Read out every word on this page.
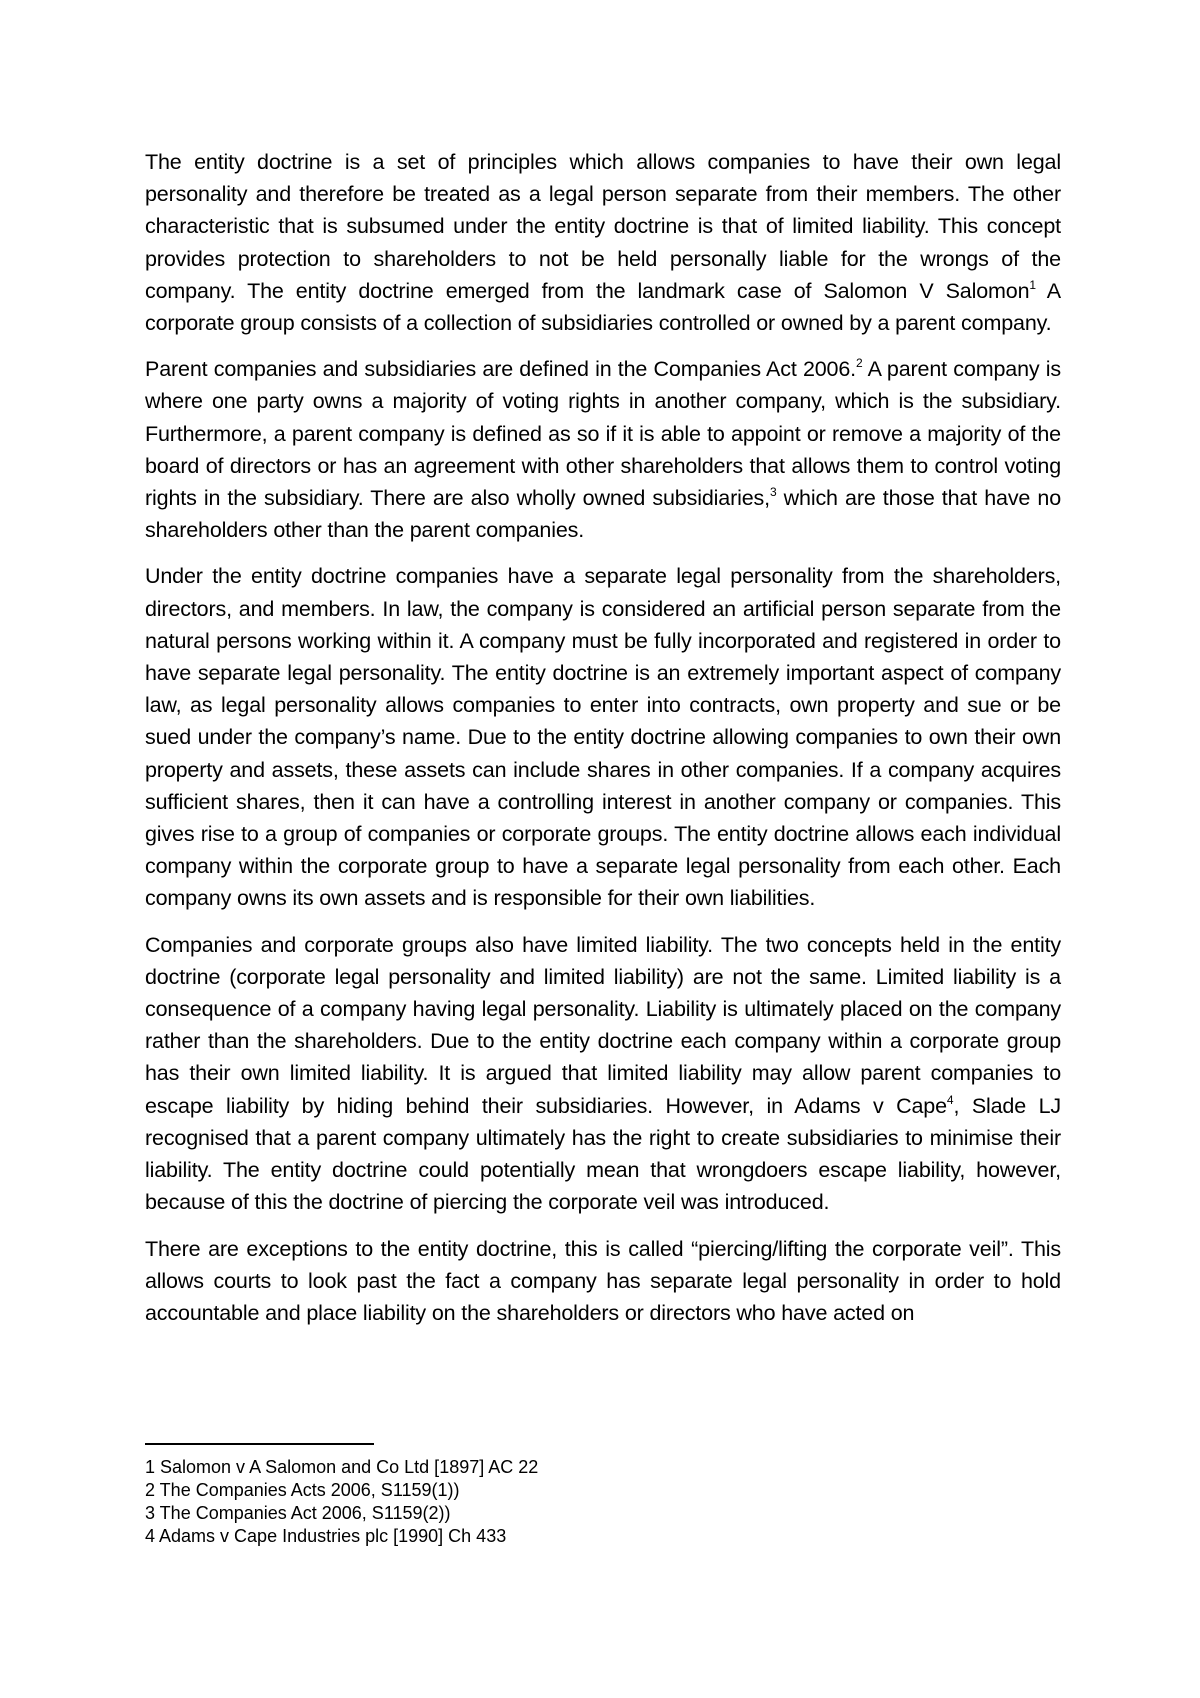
The entity doctrine is a set of principles which allows companies to have their own legal personality and therefore be treated as a legal person separate from their members. The other characteristic that is subsumed under the entity doctrine is that of limited liability. This concept provides protection to shareholders to not be held personally liable for the wrongs of the company. The entity doctrine emerged from the landmark case of Salomon V Salomon$^1$ A corporate group consists of a collection of subsidiaries controlled or owned by a parent company.

Parent companies and subsidiaries are defined in the Companies Act 2006.$^2$ A parent company is where one party owns a majority of voting rights in another company, which is the subsidiary. Furthermore, a parent company is defined as so if it is able to appoint or remove a majority of the board of directors or has an agreement with other shareholders that allows them to control voting rights in the subsidiary. There are also wholly owned subsidiaries,$^3$ which are those that have no shareholders other than the parent companies.

Under the entity doctrine companies have a separate legal personality from the shareholders, directors, and members. In law, the company is considered an artificial person separate from the natural persons working within it. A company must be fully incorporated and registered in order to have separate legal personality. The entity doctrine is an extremely important aspect of company law, as legal personality allows companies to enter into contracts, own property and sue or be sued under the company’s name. Due to the entity doctrine allowing companies to own their own property and assets, these assets can include shares in other companies. If a company acquires sufficient shares, then it can have a controlling interest in another company or companies. This gives rise to a group of companies or corporate groups. The entity doctrine allows each individual company within the corporate group to have a separate legal personality from each other. Each company owns its own assets and is responsible for their own liabilities.

Companies and corporate groups also have limited liability. The two concepts held in the entity doctrine (corporate legal personality and limited liability) are not the same. Limited liability is a consequence of a company having legal personality. Liability is ultimately placed on the company rather than the shareholders. Due to the entity doctrine each company within a corporate group has their own limited liability. It is argued that limited liability may allow parent companies to escape liability by hiding behind their subsidiaries. However, in Adams v Cape$^4$, Slade LJ recognised that a parent company ultimately has the right to create subsidiaries to minimise their liability. The entity doctrine could potentially mean that wrongdoers escape liability, however, because of this the doctrine of piercing the corporate veil was introduced.

There are exceptions to the entity doctrine, this is called “piercing/lifting the corporate veil”. This allows courts to look past the fact a company has separate legal personality in order to hold accountable and place liability on the shareholders or directors who have acted on

1 Salomon v A Salomon and Co Ltd [1897] AC 22
2 The Companies Acts 2006, S1159(1))
3 The Companies Act 2006, S1159(2))
4 Adams v Cape Industries plc [1990] Ch 433
